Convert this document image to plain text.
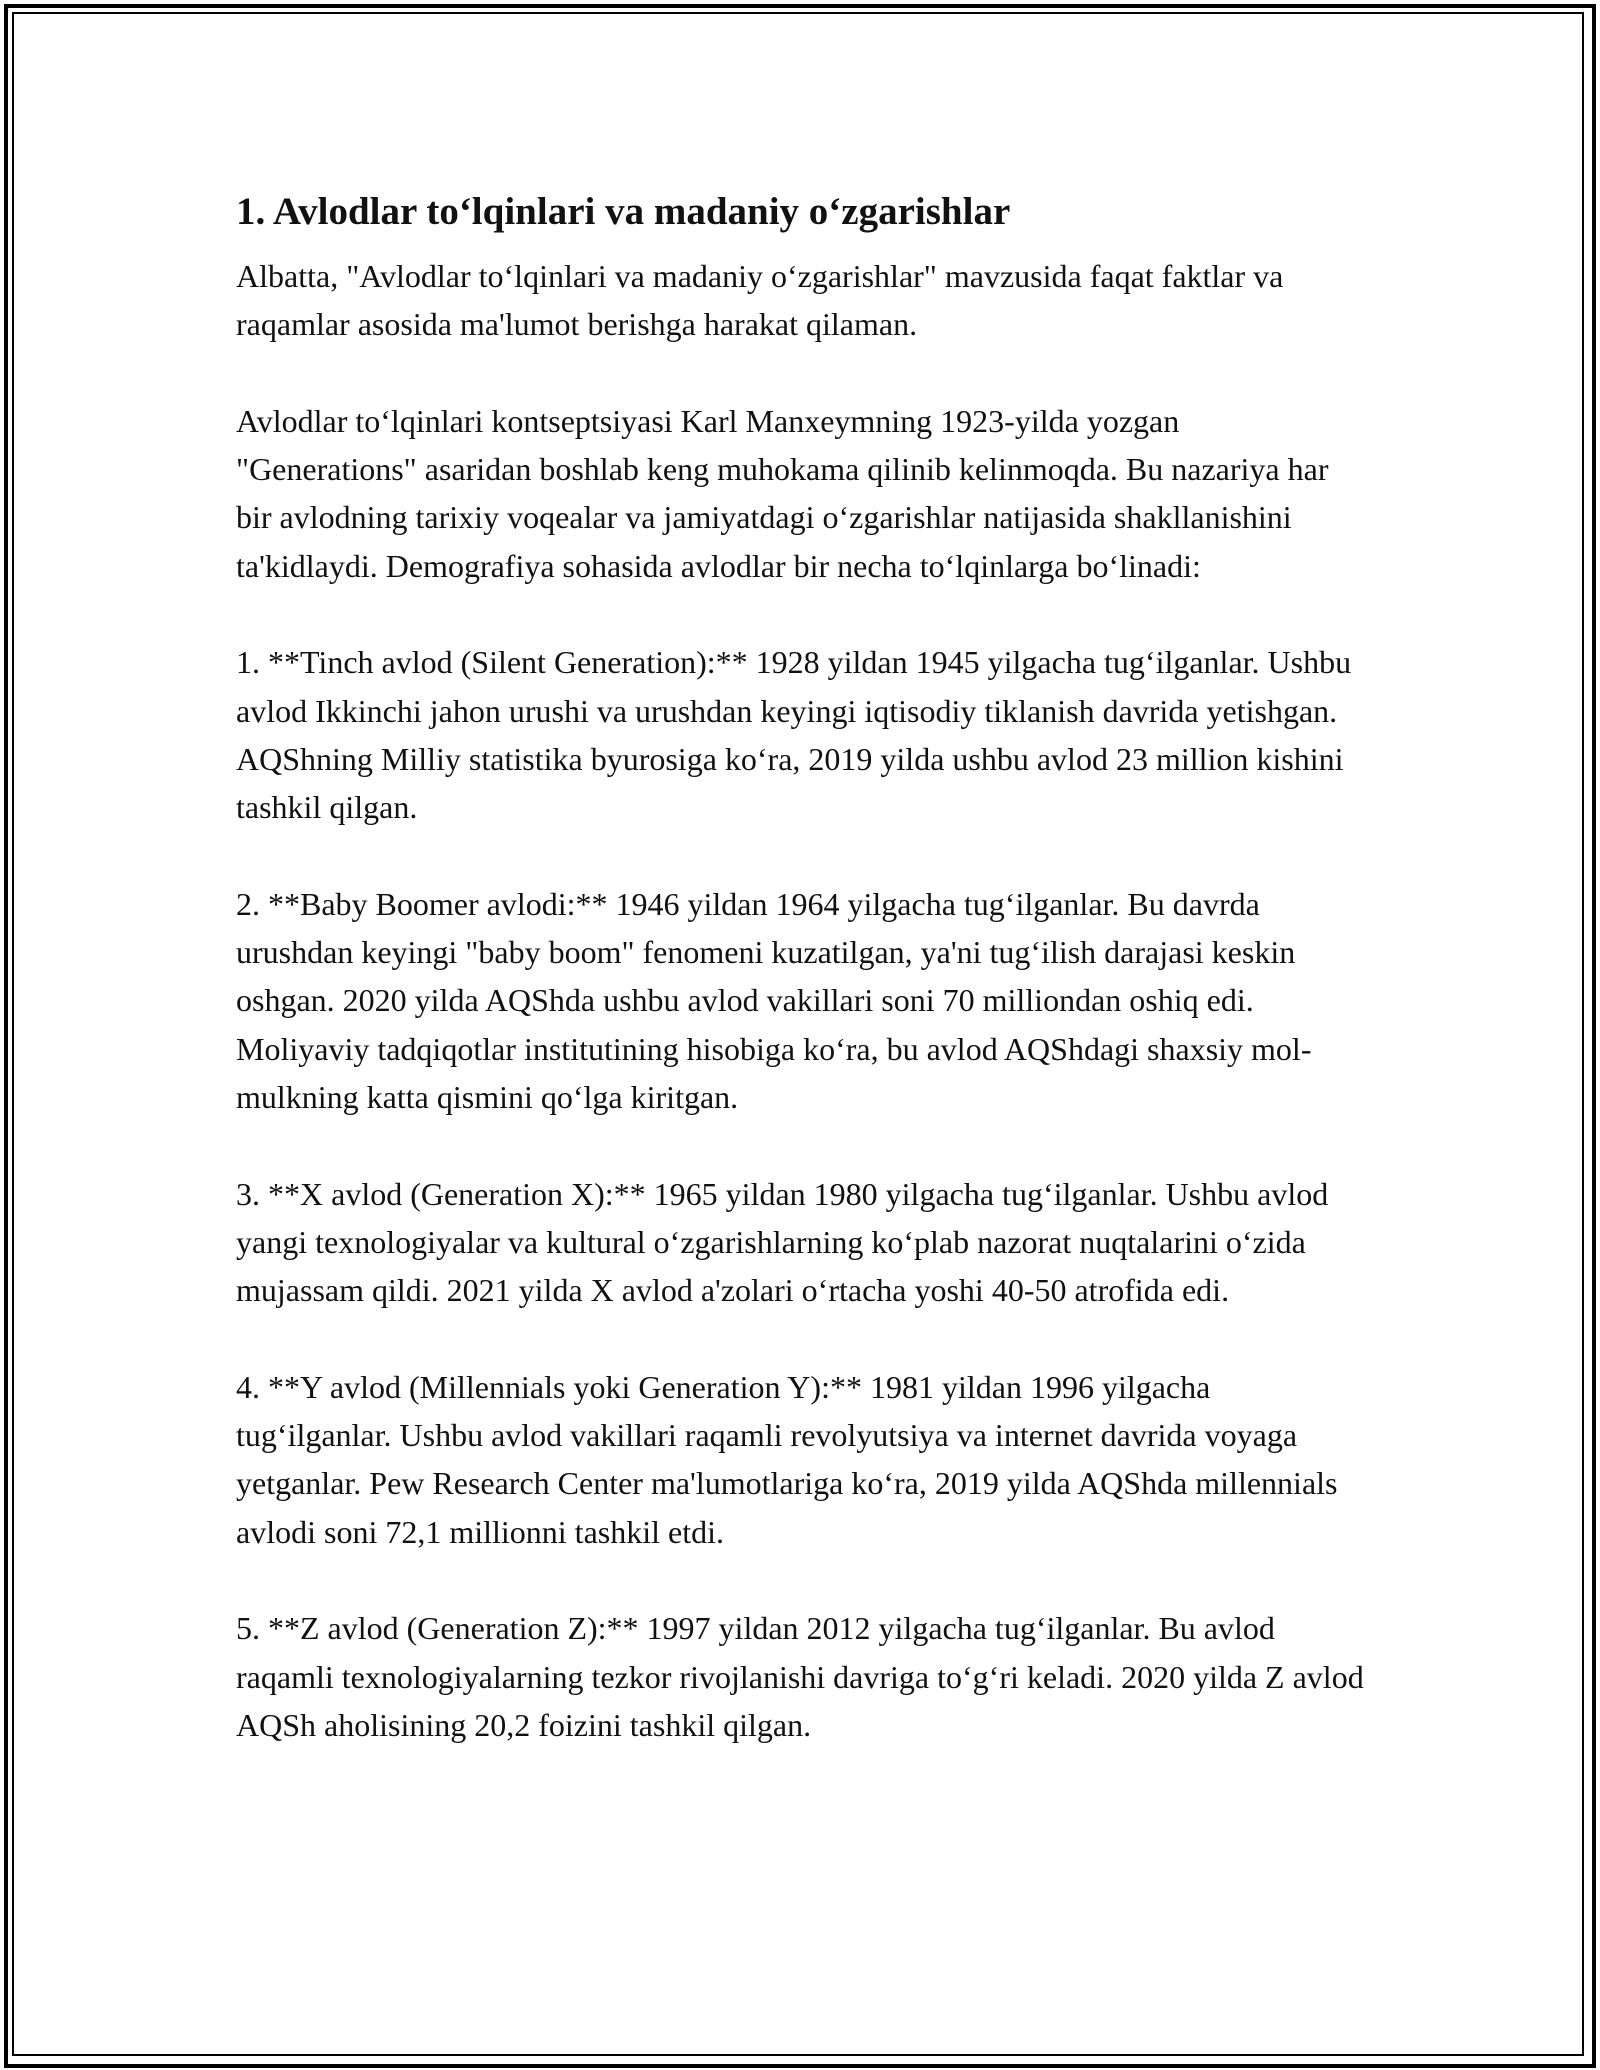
1. Avlodlar to‘lqinlari va madaniy o‘zgarishlar

Albatta, "Avlodlar to‘lqinlari va madaniy o‘zgarishlar" mavzusida faqat faktlar va raqamlar asosida ma'lumot berishga harakat qilaman.

Avlodlar to‘lqinlari kontseptsiyasi Karl Manxeymning 1923-yilda yozgan "Generations" asaridan boshlab keng muhokama qilinib kelinmoqda. Bu nazariya har bir avlodning tarixiy voqealar va jamiyatdagi o‘zgarishlar natijasida shakllanishini ta'kidlaydi. Demografiya sohasida avlodlar bir necha to‘lqinlarga bo‘linadi:

1. **Tinch avlod (Silent Generation):** 1928 yildan 1945 yilgacha tug‘ilganlar. Ushbu avlod Ikkinchi jahon urushi va urushdan keyingi iqtisodiy tiklanish davrida yetishgan. AQShning Milliy statistika byurosiga ko‘ra, 2019 yilda ushbu avlod 23 million kishini tashkil qilgan.

2. **Baby Boomer avlodi:** 1946 yildan 1964 yilgacha tug‘ilganlar. Bu davrda urushdan keyingi "baby boom" fenomeni kuzatilgan, ya'ni tug‘ilish darajasi keskin oshgan. 2020 yilda AQShda ushbu avlod vakillari soni 70 milliondan oshiq edi. Moliyaviy tadqiqotlar institutining hisobiga ko‘ra, bu avlod AQShdagi shaxsiy mol-mulkning katta qismini qo‘lga kiritgan.

3. **X avlod (Generation X):** 1965 yildan 1980 yilgacha tug‘ilganlar. Ushbu avlod yangi texnologiyalar va kultural o‘zgarishlarning ko‘plab nazorat nuqtalarini o‘zida mujassam qildi. 2021 yilda X avlod a'zolari o‘rtacha yoshi 40-50 atrofida edi.

4. **Y avlod (Millennials yoki Generation Y):** 1981 yildan 1996 yilgacha tug‘ilganlar. Ushbu avlod vakillari raqamli revolyutsiya va internet davrida voyaga yetganlar. Pew Research Center ma'lumotlariga ko‘ra, 2019 yilda AQShda millennials avlodi soni 72,1 millionni tashkil etdi.

5. **Z avlod (Generation Z):** 1997 yildan 2012 yilgacha tug‘ilganlar. Bu avlod raqamli texnologiyalarning tezkor rivojlanishi davriga to‘g‘ri keladi. 2020 yilda Z avlod AQSh aholisining 20,2 foizini tashkil qilgan.
